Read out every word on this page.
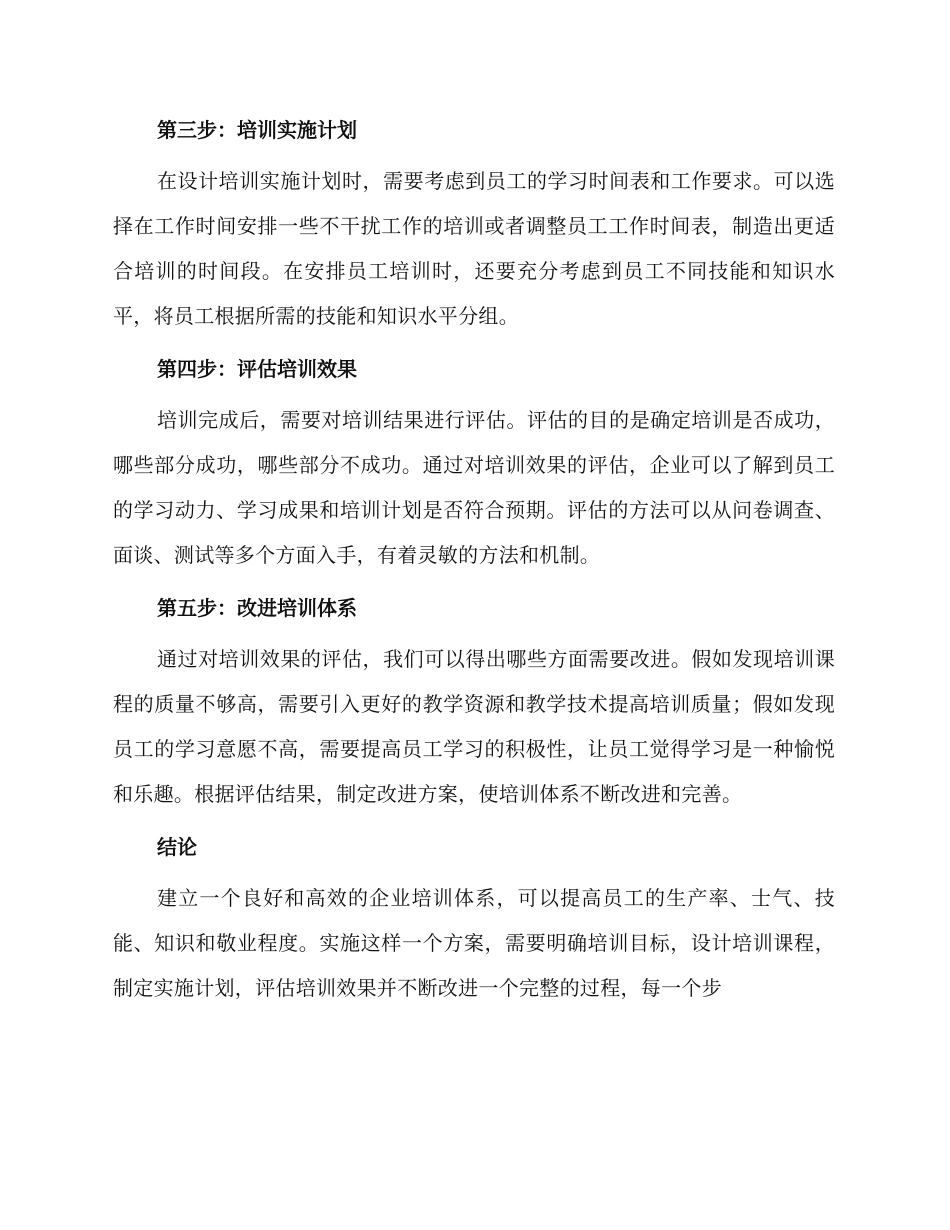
第三步：培训实施计划

在设计培训实施计划时，需要考虑到员工的学习时间表和工作要求。可以选择在工作时间安排一些不干扰工作的培训或者调整员工工作时间表，制造出更适合培训的时间段。在安排员工培训时，还要充分考虑到员工不同技能和知识水平，将员工根据所需的技能和知识水平分组。

第四步：评估培训效果

培训完成后，需要对培训结果进行评估。评估的目的是确定培训是否成功，哪些部分成功，哪些部分不成功。通过对培训效果的评估，企业可以了解到员工的学习动力、学习成果和培训计划是否符合预期。评估的方法可以从问卷调查、面谈、测试等多个方面入手，有着灵敏的方法和机制。

第五步：改进培训体系

通过对培训效果的评估，我们可以得出哪些方面需要改进。假如发现培训课程的质量不够高，需要引入更好的教学资源和教学技术提高培训质量；假如发现员工的学习意愿不高，需要提高员工学习的积极性，让员工觉得学习是一种愉悦和乐趣。根据评估结果，制定改进方案，使培训体系不断改进和完善。

结论

建立一个良好和高效的企业培训体系，可以提高员工的生产率、士气、技能、知识和敬业程度。实施这样一个方案，需要明确培训目标，设计培训课程，制定实施计划，评估培训效果并不断改进一个完整的过程，每一个步
